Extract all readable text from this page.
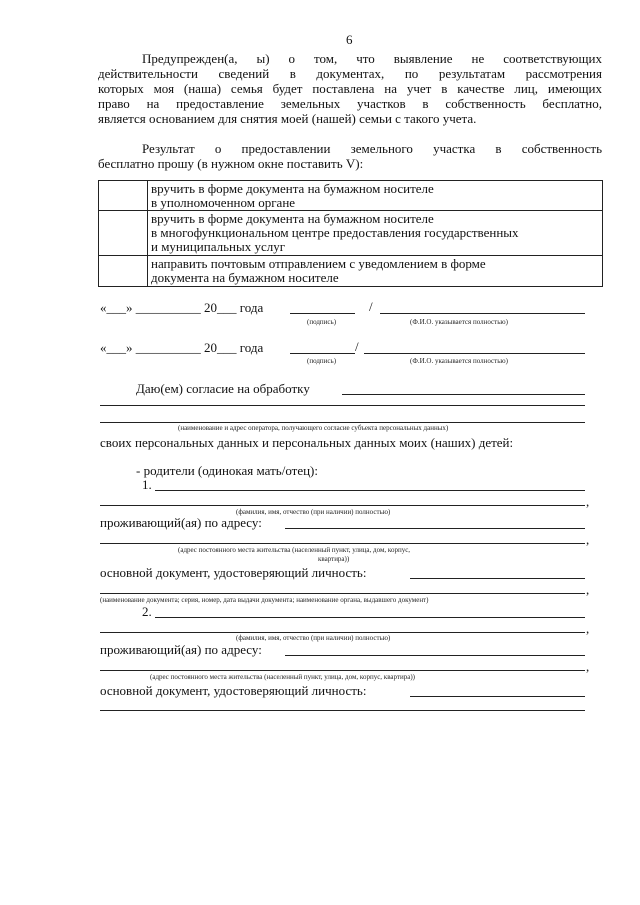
6
Предупрежден(а, ы) о том, что выявление не соответствующих
действительности сведений в документах, по результатам рассмотрения
которых моя (наша) семья будет поставлена на учет в качестве лиц, имеющих
право на предоставление земельных участков в собственность бесплатно,
является основанием для снятия моей (нашей) семьи с такого учета.
Результат о предоставлении земельного участка в собственность
бесплатно прошу (в нужном окне поставить V):
вручить в форме документа на бумажном носителе
в уполномоченном органе
вручить в форме документа на бумажном носителе
в многофункциональном центре предоставления государственных
и муниципальных услуг
направить почтовым отправлением с уведомлением в форме
документа на бумажном носителе
«___» __________ 20___ года	/
(подпись)	(Ф.И.О. указывается полностью)
«___» __________ 20___ года	/
(подпись)	(Ф.И.О. указывается полностью)
Даю(ем) согласие на обработку
(наименование и адрес оператора, получающего согласие субъекта персональных данных)
своих персональных данных и персональных данных моих (наших) детей:
- родители (одинокая мать/отец):
1.
,
(фамилия, имя, отчество (при наличии) полностью)
проживающий(ая) по адресу:
,
(адрес постоянного места жительства (населенный пункт, улица, дом, корпус,
квартира))
основной документ, удостоверяющий личность:
,
(наименование документа; серия, номер, дата выдачи документа; наименование органа, выдавшего документ)
2.
,
(фамилия, имя, отчество (при наличии) полностью)
проживающий(ая) по адресу:
,
(адрес постоянного места жительства (населенный пункт, улица, дом, корпус, квартира))
основной документ, удостоверяющий личность:
